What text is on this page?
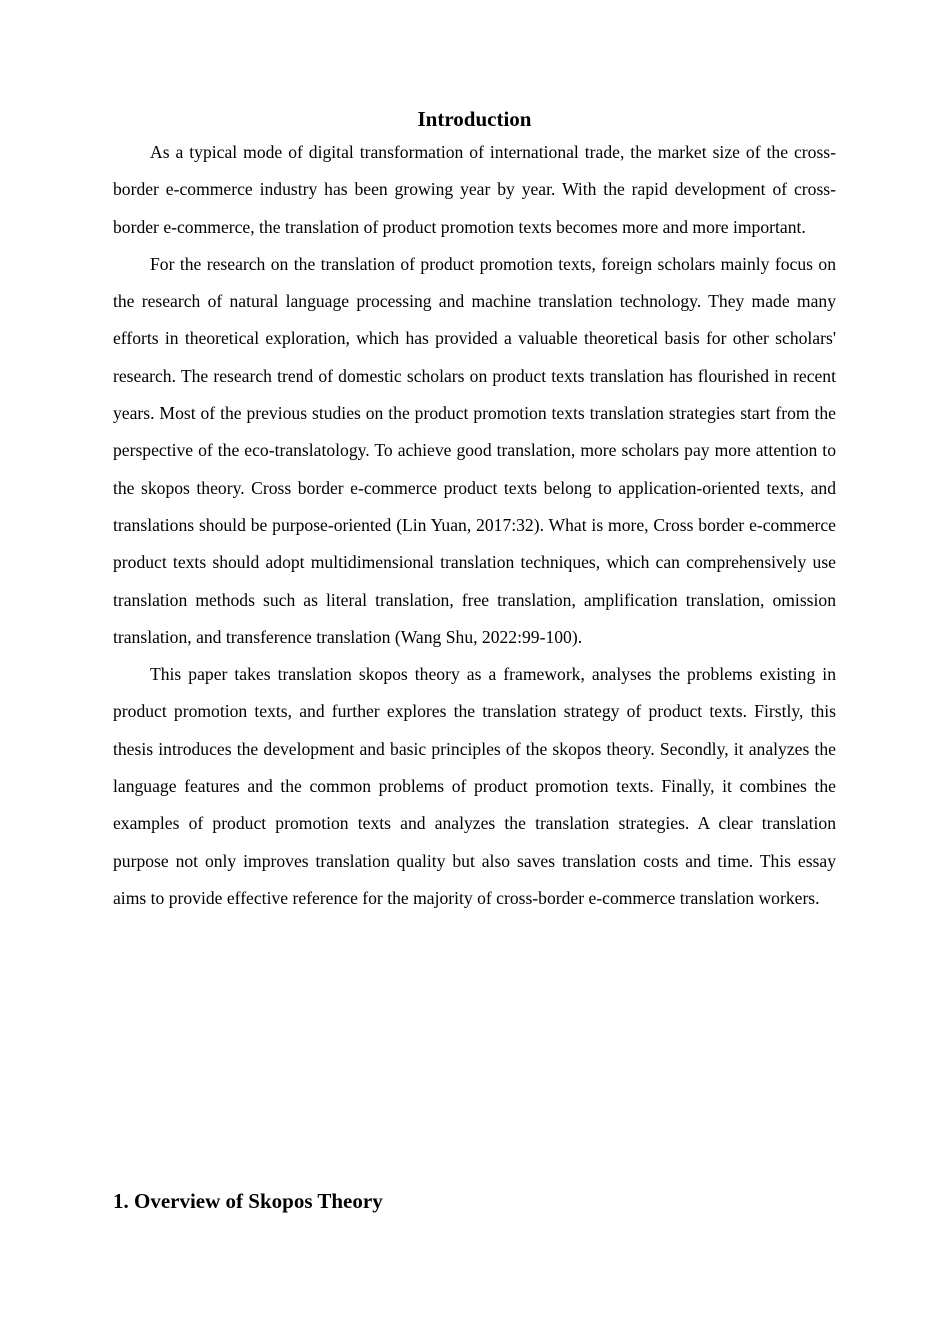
Introduction

As a typical mode of digital transformation of international trade, the market size of the cross-border e-commerce industry has been growing year by year. With the rapid development of cross-border e-commerce, the translation of product promotion texts becomes more and more important.

For the research on the translation of product promotion texts, foreign scholars mainly focus on the research of natural language processing and machine translation technology. They made many efforts in theoretical exploration, which has provided a valuable theoretical basis for other scholars' research. The research trend of domestic scholars on product texts translation has flourished in recent years. Most of the previous studies on the product promotion texts translation strategies start from the perspective of the eco-translatology. To achieve good translation, more scholars pay more attention to the skopos theory. Cross border e-commerce product texts belong to application-oriented texts, and translations should be purpose-oriented (Lin Yuan, 2017:32). What is more, Cross border e-commerce product texts should adopt multidimensional translation techniques, which can comprehensively use translation methods such as literal translation, free translation, amplification translation, omission translation, and transference translation (Wang Shu, 2022:99-100).

This paper takes translation skopos theory as a framework, analyses the problems existing in product promotion texts, and further explores the translation strategy of product texts. Firstly, this thesis introduces the development and basic principles of the skopos theory. Secondly, it analyzes the language features and the common problems of product promotion texts. Finally, it combines the examples of product promotion texts and analyzes the translation strategies. A clear translation purpose not only improves translation quality but also saves translation costs and time. This essay aims to provide effective reference for the majority of cross-border e-commerce translation workers.

1. Overview of Skopos Theory
